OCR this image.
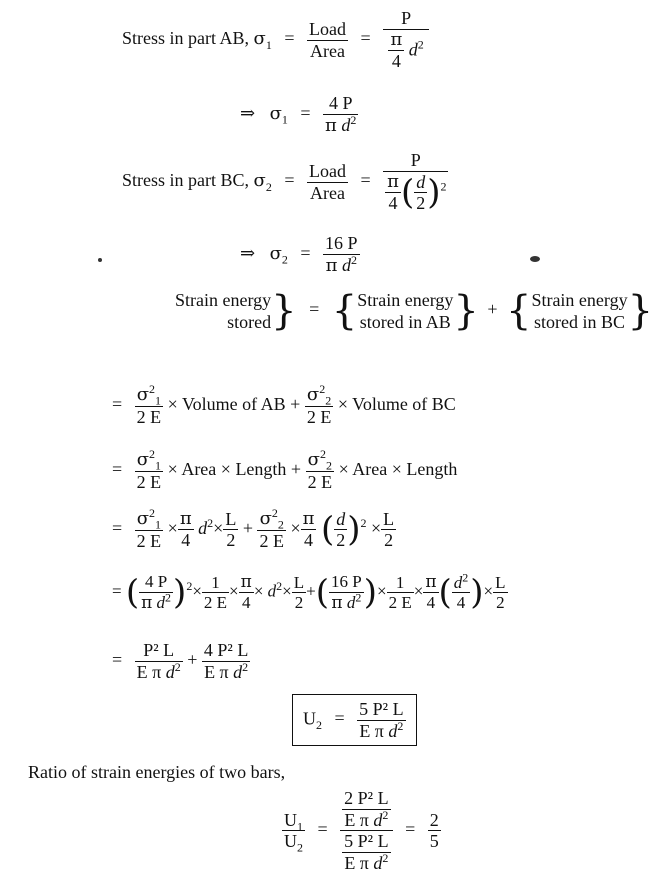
Stress in part AB, $\sigma_1 = \frac{\text{Load}}{\text{Area}} = \frac{P}{\frac{\pi}{4} d^2}$
⇒ $\sigma_1 = \frac{4 P}{\pi d^2}$
Stress in part BC, $\sigma_2 = \frac{\text{Load}}{\text{Area}} = \frac{P}{\frac{\pi}{4} ( \frac{d}{2} )^2}$
⇒ $\sigma_2 = \frac{16 P}{\pi d^2}$
Strain energy
stored } = { Strain energy
stored in AB } + { Strain energy
stored in BC }
= $\frac{\sigma^2_1}{2 E}$ × Volume of AB + $\frac{\sigma^2_2}{2 E}$ × Volume of BC
= $\frac{\sigma^2_1}{2 E}$ × Area × Length + $\frac{\sigma^2_2}{2 E}$ × Area × Length
= $\frac{\sigma^2_1}{2 E} \times \frac{\pi}{4} d^2\times \frac{L}{2} + \frac{\sigma^2_2}{2 E} \times \frac{\pi}{4}$ ( $\frac{d}{2} )^2 \times \frac{L}{2}$
= ( $\frac{4 P}{\pi d^2} )^2\times \frac{1}{2 E} \times \frac{\pi}{4} \times d^2\times \frac{L}{2}$ +( $\frac{16 P}{\pi d^2}$ )× $\frac{1}{2 E} \times \frac{\pi}{4}$ ( $\frac{d^2}{4}$ )× $\frac{L}{2}$
= $\frac{\text{P² L}}{E \pi d^2} + \frac{\text{4 P² L}}{E \pi d^2}$
$U_2 = \frac{\text{5 P² L}}{E \pi d^2}$
Ratio of strain energies of two bars,
$\frac{U_1}{U_2} = \frac{\frac{\text{2 P² L}}{E \pi d^2}}{\frac{\text{5 P² L}}{E \pi d^2}} = \frac{2}{5}$
